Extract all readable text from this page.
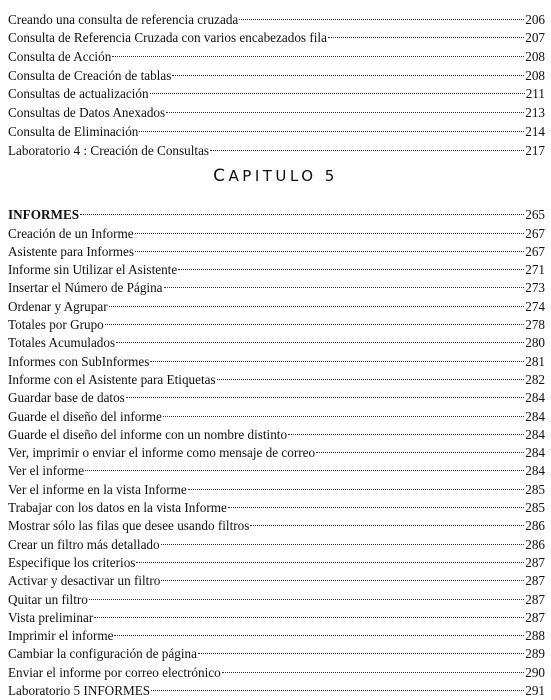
Creando una consulta de referencia cruzada	206
Consulta de Referencia Cruzada con varios encabezados fila	207
Consulta de Acción	208
Consulta de Creación de tablas	208
Consultas de actualización	211
Consultas de Datos Anexados	213
Consulta de Eliminación	214
Laboratorio 4 : Creación de Consultas	217
CAPITULO 5
INFORMES	265
Creación de un Informe	267
Asistente para Informes	267
Informe sin Utilizar el Asistente	271
Insertar el Número de Página	273
Ordenar y Agrupar	274
Totales por Grupo	278
Totales Acumulados	280
Informes con SubInformes	281
Informe con el Asistente para Etiquetas	282
Guardar base de datos	284
Guarde el diseño del informe	284
Guarde el diseño del informe con un nombre distinto	284
Ver, imprimir o enviar el informe como mensaje de correo	284
Ver el informe	284
Ver el informe en la vista Informe	285
Trabajar con los datos en la vista Informe	285
Mostrar sólo las filas que desee usando filtros	286
Crear un filtro más detallado	286
Especifique los criterios	287
Activar y desactivar un filtro	287
Quitar un filtro	287
Vista preliminar	287
Imprimir el informe	288
Cambiar la configuración de página	289
Enviar el informe por correo electrónico	290
Laboratorio 5 INFORMES	291
